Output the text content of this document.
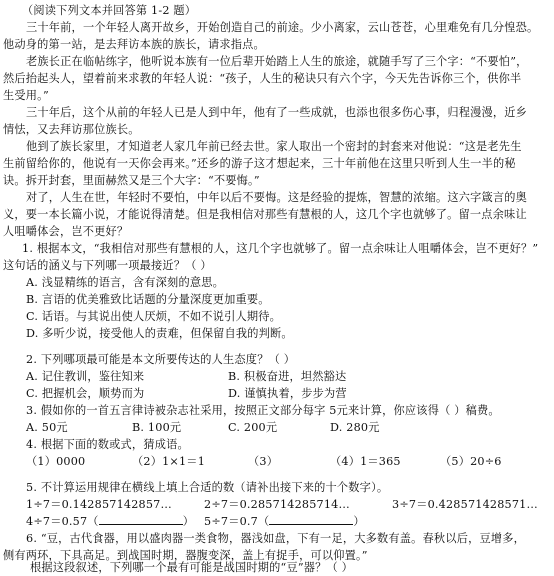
（阅读下列文本并回答第 1-2 题）
三十年前，一个年轻人离开故乡，开始创造自己的前途。少小离家，云山苍苍，心里难免有几分惶恐。
他动身的第一站，是去拜访本族的族长，请求指点。
老族长正在临帖练字，他听说本族有一位后辈开始踏上人生的旅途，就随手写了三个字：“不要怕”，
然后抬起头人，望着前来求教的年轻人说：“孩子，人生的秘诀只有六个字，今天先告诉你三个，供你半
生受用。”
三十年后，这个从前的年轻人已是人到中年，他有了一些成就，也添也很多伤心事，归程漫漫，近乡
情怯，又去拜访那位族长。
他到了族长家里，才知道老人家几年前已经去世。家人取出一个密封的封套来对他说：“这是老先生
生前留给你的，他说有一天你会再来。”还乡的游子这才想起来，三十年前他在这里只听到人生一半的秘
诀。拆开封套，里面赫然又是三个大字：“不要悔。”
对了，人生在世，年轻时不要怕，中年以后不要悔。这是经验的提炼，智慧的浓缩。这六字箴言的奥
义，要一本长篇小说，才能说得清楚。但是我相信对那些有慧根的人，这几个字也就够了。留一点余味让
人咀嚼体会，岂不更好？
1. 根据本文，“我相信对那些有慧根的人，这几个字也就够了。留一点余味让人咀嚼体会，岂不更好？”
这句话的涵义与下列哪一项最接近？（ ）
A. 浅显精练的语言，含有深刻的意思。
B. 言语的优美雅致比话题的分量深度更加重要。
C. 话语。与其说出使人厌烦，不如不说引人期待。
D. 多听少说，接受他人的责难，但保留自我的判断。
2. 下列哪项最可能是本文所要传达的人生态度？（ ）
A. 记住教训，鉴往知来	B. 积极奋进，坦然豁达
C. 把握机会，顺势而为	D. 谨慎执着，步步为营
3. 假如你的一首五言律诗被杂志社采用，按照正文部分每字 5元来计算，你应该得（ ）稿费。
A. 50元	B. 100元	C. 200元	D. 280元
4. 根据下面的数或式，猜成语。
（1）0000	（2）1×1＝1	（3）	（4）1＝365	（5）20÷6
5. 不计算运用规律在横线上填上合适的数（请补出接下来的十个数字）。
1÷7＝0.142857142857…	2÷7＝0.285714285714…	3÷7＝0.428571428571…
4÷7＝0.57（	） 5÷7＝0.7（	）
6. “豆，古代食器，用以盛肉器一类食物，器浅如盘，下有一足，大多数有盖。春秋以后，豆增多，
侧有两环，下具高足。到战国时期，器腹变深，盖上有捉手，可以仰置。”
根据这段叙述，下列哪一个最有可能是战国时期的“豆”器？（ ）
